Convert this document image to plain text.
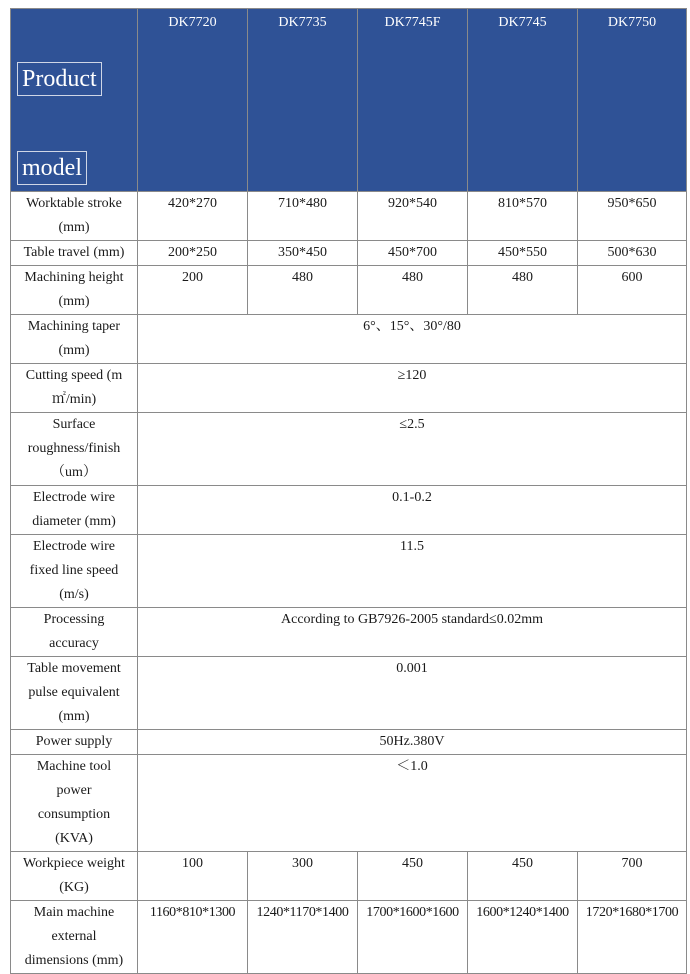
Product

model	DK7720	DK7735	DK7745F	DK7745	DK7750
Worktable stroke
(mm)	420*270	710*480	920*540	810*570	950*650
Table travel (mm)	200*250	350*450	450*700	450*550	500*630
Machining height
(mm)	200	480	480	480	600
Machining taper
(mm)	6°、15°、30°/80				
Cutting speed (m
㎡/min)	≥120				
Surface
roughness/finish
（um）	≤2.5				
Electrode wire
diameter (mm)	0.1-0.2				
Electrode wire
fixed line speed
(m/s)	11.5				
Processing
accuracy	According to GB7926-2005 standard≤0.02mm				
Table movement
pulse equivalent
(mm)	0.001				
Power supply	50Hz.380V				
Machine tool
power
consumption
(KVA)	＜1.0				
Workpiece weight
(KG)	100	300	450	450	700
Main machine
external
dimensions (mm)	1160*810*1300	1240*1170*1400	1700*1600*1600	1600*1240*1400	1720*1680*1700
